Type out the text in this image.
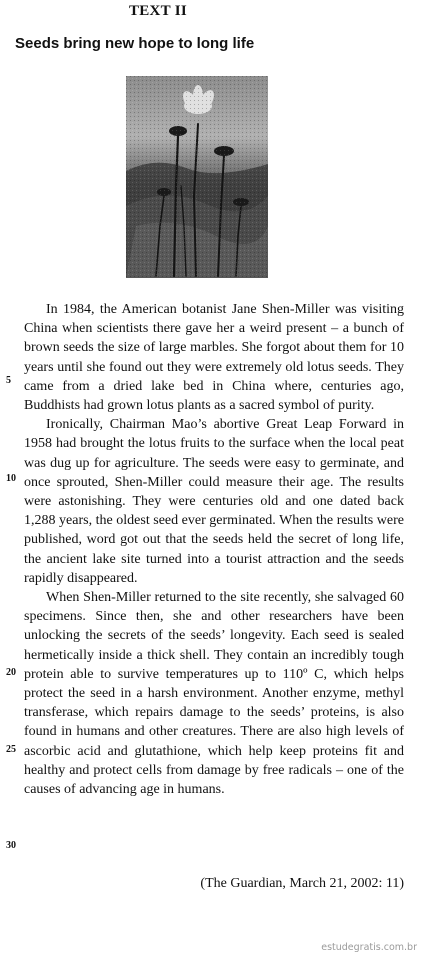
TEXT II
Seeds bring new hope to long life

In 1984, the American botanist Jane Shen-Miller was visiting China when scientists there gave her a weird present – a bunch of brown seeds the size of large marbles. She forgot about them for 10 years until she found out they were extremely old lotus seeds. They came from a dried lake bed in China where, centuries ago, Buddhists had grown lotus plants as a sacred symbol of purity.

Ironically, Chairman Mao’s abortive Great Leap Forward in 1958 had brought the lotus fruits to the surface when the local peat was dug up for agriculture. The seeds were easy to germinate, and once sprouted, Shen-Miller could measure their age. The results were astonishing. They were centuries old and one dated back 1,288 years, the oldest seed ever germinated. When the results were published, word got out that the seeds held the secret of long life, the ancient lake site turned into a tourist attraction and the seeds rapidly disappeared.

When Shen-Miller returned to the site recently, she salvaged 60 specimens. Since then, she and other researchers have been unlocking the secrets of the seeds’ longevity. Each seed is sealed hermetically inside a thick shell. They contain an incredibly tough protein able to survive temperatures up to 110º C, which helps protect the seed in a harsh environment. Another enzyme, methyl transferase, which repairs damage to the seeds’ proteins, is also found in humans and other creatures. There are also high levels of ascorbic acid and glutathione, which help keep proteins fit and healthy and protect cells from damage by free radicals – one of the causes of advancing age in humans.

5
10
20
25
30
(The Guardian, March 21, 2002: 11)
estudegratis.com.br
